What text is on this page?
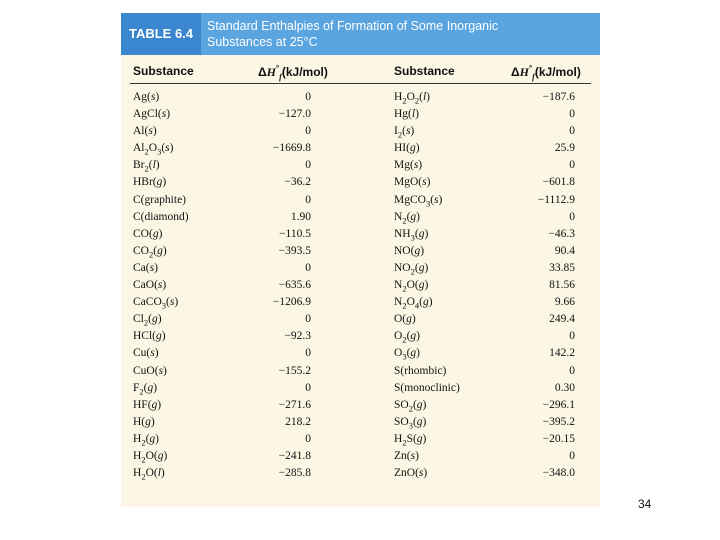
TABLE 6.4	Standard Enthalpies of Formation of Some Inorganic
Substances at 25°C
Substance	$\Delta H^\circ_f(kJ/mol)$	Substance	$\Delta H^\circ_f(kJ/mol)$
Ag(s)	0	$H_2O_2(l)$	−187.6
AgCl(s)	−127.0	Hg(l)	0
Al(s)	0	$I_2(s)$	0
$Al_2O_3(s)$	−1669.8	HI(g)	25.9
$Br_2(l)$	0	Mg(s)	0
HBr(g)	−36.2	MgO(s)	−601.8
C(graphite)	0	MgCO$_3$(s)	−1112.9
C(diamond)	1.90	$N_2(g)$	0
CO(g)	−110.5	$NH_3(g)$	−46.3
$CO_2(g)$	−393.5	NO(g)	90.4
Ca(s)	0	$NO_2(g)$	33.85
CaO(s)	−635.6	$N_2O(g)$	81.56
CaCO$_3$(s)	−1206.9	$N_2O_4(g)$	9.66
$Cl_2(g)$	0	O(g)	249.4
HCl(g)	−92.3	$O_2(g)$	0
Cu(s)	0	$O_3(g)$	142.2
CuO(s)	−155.2	S(rhombic)	0
$F_2(g)$	0	S(monoclinic)	0.30
HF(g)	−271.6	$SO_2(g)$	−296.1
H(g)	218.2	$SO_3(g)$	−395.2
$H_2(g)$	0	$H_2S(g)$	−20.15
$H_2O(g)$	−241.8	Zn(s)	0
$H_2O(l)$	−285.8	ZnO(s)	−348.0
34
